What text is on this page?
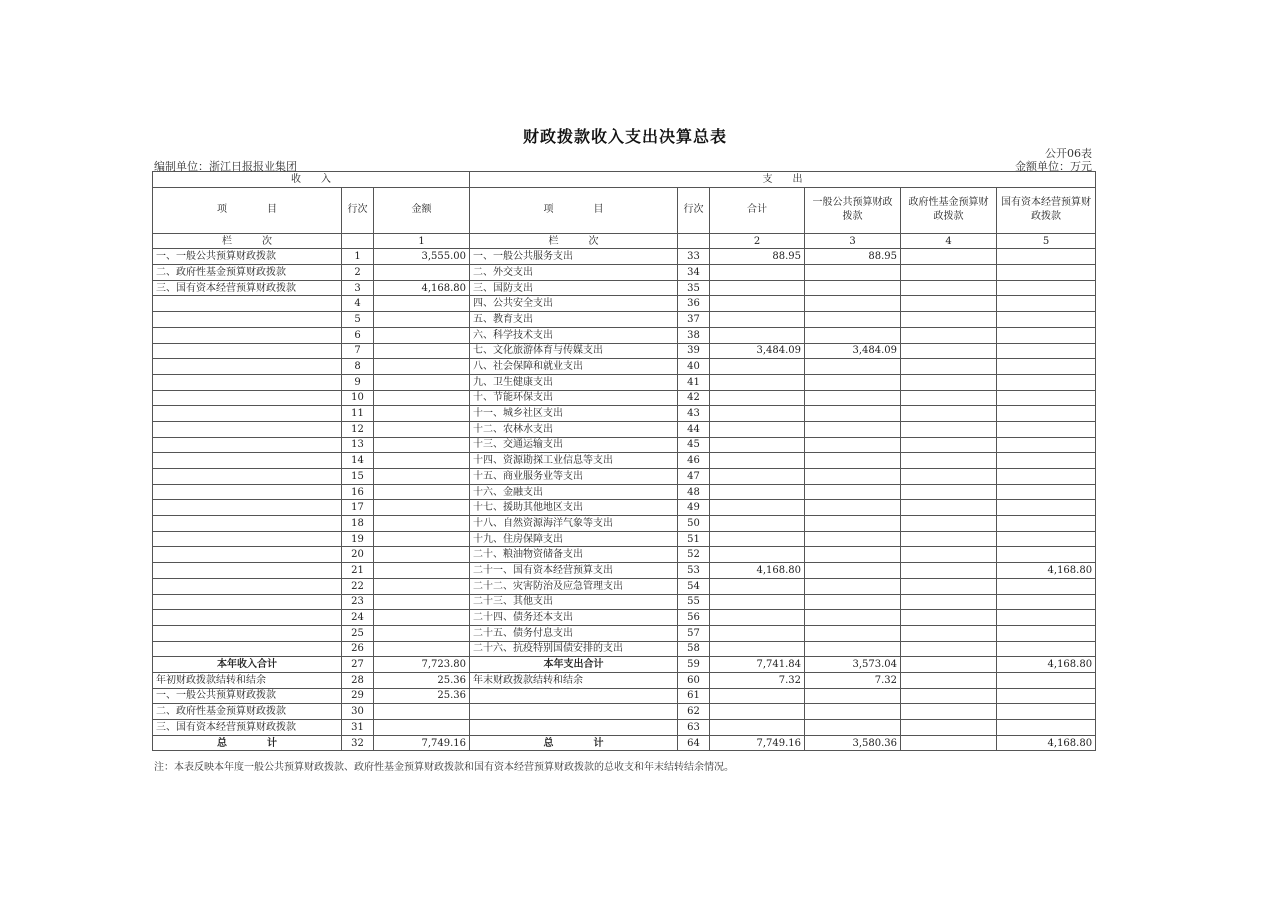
财政拨款收入支出决算总表
公开06表
编制单位：浙江日报报业集团	金额单位：万元
收　　入			支　　出					
项　　　　目	行次	金额	项　　　　目	行次	合计	一般公共预算财政拨款	政府性基金预算财政拨款	国有资本经营预算财政拨款
栏　　　次		1	栏　　　次		2	3	4	5
一、一般公共预算财政拨款	1	3,555.00	一、一般公共服务支出	33	88.95	88.95		
二、政府性基金预算财政拨款	2		二、外交支出	34				
三、国有资本经营预算财政拨款	3	4,168.80	三、国防支出	35				
	4		四、公共安全支出	36				
	5		五、教育支出	37				
	6		六、科学技术支出	38				
	7		七、文化旅游体育与传媒支出	39	3,484.09	3,484.09		
	8		八、社会保障和就业支出	40				
	9		九、卫生健康支出	41				
	10		十、节能环保支出	42				
	11		十一、城乡社区支出	43				
	12		十二、农林水支出	44				
	13		十三、交通运输支出	45				
	14		十四、资源勘探工业信息等支出	46				
	15		十五、商业服务业等支出	47				
	16		十六、金融支出	48				
	17		十七、援助其他地区支出	49				
	18		十八、自然资源海洋气象等支出	50				
	19		十九、住房保障支出	51				
	20		二十、粮油物资储备支出	52				
	21		二十一、国有资本经营预算支出	53	4,168.80			4,168.80
	22		二十二、灾害防治及应急管理支出	54				
	23		二十三、其他支出	55				
	24		二十四、债务还本支出	56				
	25		二十五、债务付息支出	57				
	26		二十六、抗疫特别国债安排的支出	58				
本年收入合计	27	7,723.80	本年支出合计	59	7,741.84	3,573.04		4,168.80
年初财政拨款结转和结余	28	25.36	年末财政拨款结转和结余	60	7.32	7.32		
一、一般公共预算财政拨款	29	25.36		61				
二、政府性基金预算财政拨款	30			62				
三、国有资本经营预算财政拨款	31			63				
总　　　　计	32	7,749.16	总　　　　计	64	7,749.16	3,580.36		4,168.80
注：本表反映本年度一般公共预算财政拨款、政府性基金预算财政拨款和国有资本经营预算财政拨款的总收支和年末结转结余情况。
